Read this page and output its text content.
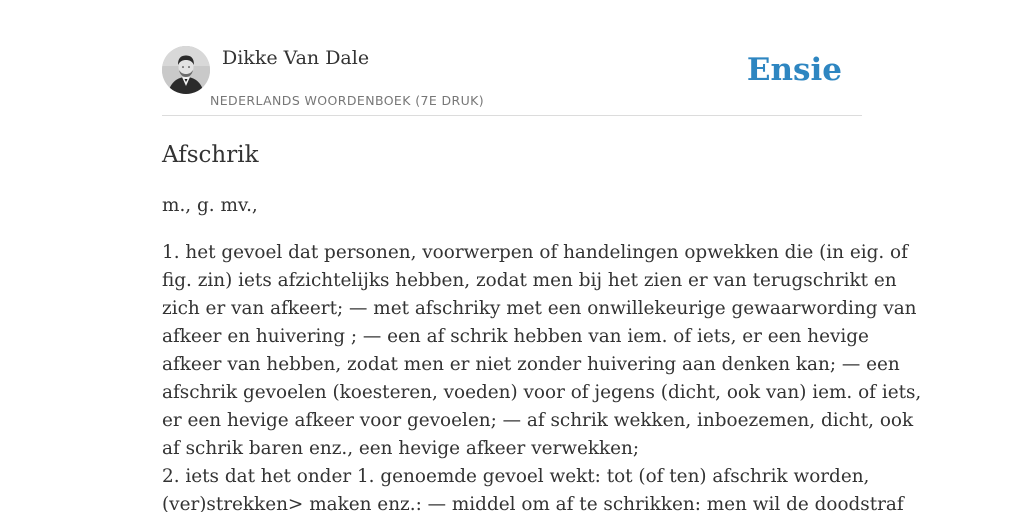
Dikke Van Dale
NEDERLANDS WOORDENBOEK (7E DRUK)
Ensie
Afschrik
m., g. mv.,
1. het gevoel dat personen, voorwerpen of handelingen opwekken die (in eig. of
fig. zin) iets afzichtelijks hebben, zodat men bij het zien er van terugschrikt en
zich er van afkeert; — met afschriky met een onwillekeurige gewaarwording van
afkeer en huivering ; — een af schrik hebben van iem. of iets, er een hevige
afkeer van hebben, zodat men er niet zonder huivering aan denken kan; — een
afschrik gevoelen (koesteren, voeden) voor of jegens (dicht, ook van) iem. of iets,
er een hevige afkeer voor gevoelen; — af schrik wekken, inboezemen, dicht, ook
af schrik baren enz., een hevige afkeer verwekken;
2. iets dat het onder 1. genoemde gevoel wekt: tot (of ten) afschrik worden,
(ver)strekken> maken enz.: — middel om af te schrikken: men wil de doodstraf
